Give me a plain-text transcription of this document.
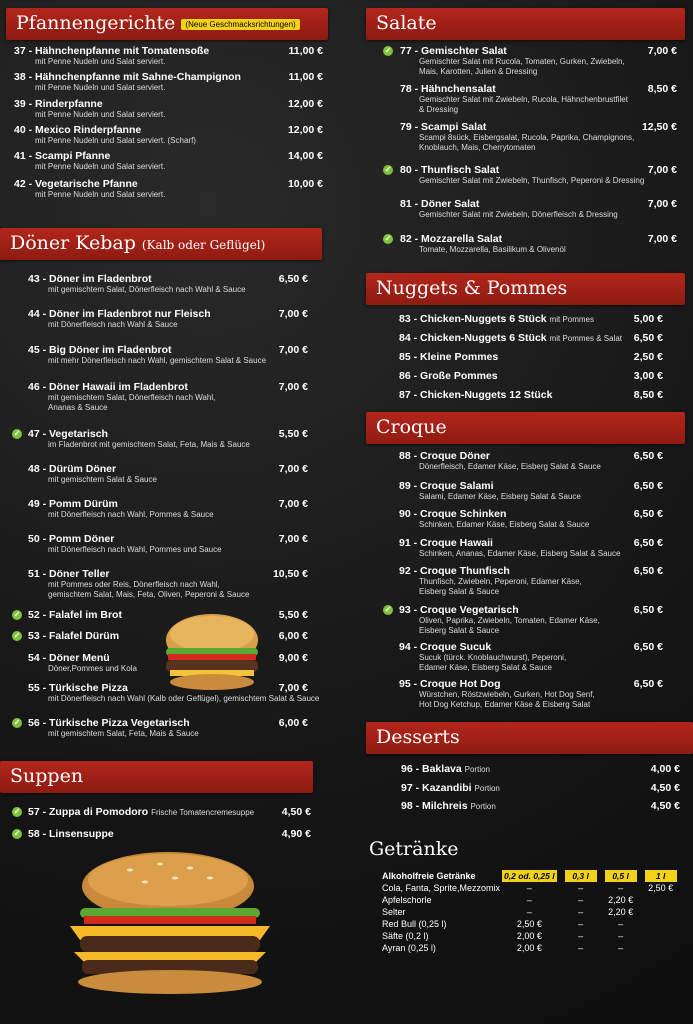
Pfannengerichte (Neue Geschmacksrichtungen)
37 - Hähnchenpfanne mit Tomatensoße
mit Penne Nudeln und Salat serviert.
11,00 €
38 - Hähnchenpfanne mit Sahne-Champignon
mit Penne Nudeln und Salat serviert.
11,00 €
39 - Rinderpfanne
mit Penne Nudeln und Salat serviert.
12,00 €
40 - Mexico Rinderpfanne
mit Penne Nudeln und Salat serviert. (Scharf)
12,00 €
41 - Scampi Pfanne
mit Penne Nudeln und Salat serviert.
14,00 €
42 - Vegetarische Pfanne
mit Penne Nudeln und Salat serviert.
10,00 €
Döner Kebap (Kalb oder Geflügel)
43 - Döner im Fladenbrot
mit gemischtem Salat, Dönerfleisch nach Wahl & Sauce
6,50 €
44 - Döner im Fladenbrot nur Fleisch
mit Dönerfleisch nach Wahl & Sauce
7,00 €
45 - Big Döner im Fladenbrot
mit mehr Dönerfleisch nach Wahl, gemischtem Salat & Sauce
7,00 €
46 - Döner Hawaii im Fladenbrot
mit gemischtem Salat, Dönerfleisch nach Wahl,
Ananas & Sauce
7,00 €
47 - Vegetarisch
im Fladenbrot mit gemischtem Salat, Feta, Mais & Sauce
5,50 €
✓
48 - Dürüm Döner
mit gemischtem Salat & Sauce
7,00 €
49 - Pomm Dürüm
mit Dönerfleisch nach Wahl, Pommes & Sauce
7,00 €
50 - Pomm Döner
mit Dönerfleisch nach Wahl, Pommes und Sauce
7,00 €
51 - Döner Teller
mit Pommes oder Reis, Dönerfleisch nach Wahl,
gemischtem Salat, Mais, Feta, Oliven, Peperoni & Sauce
10,50 €
52 - Falafel im Brot	5,50 €
✓
53 - Falafel Dürüm	6,00 €
✓
54 - Döner Menü
Döner,Pommes und Kola
9,00 €
55 - Türkische Pizza
mit Dönerfleisch nach Wahl (Kalb oder Geflügel), gemischtem Salat & Sauce
7,00 €
56 - Türkische Pizza Vegetarisch
mit gemischtem Salat, Feta, Mais & Sauce
6,00 €
✓
Suppen
57 - Zuppa di Pomodoro Frische Tomatencremesuppe	4,50 €
✓
58 - Linsensuppe	4,90 €
✓
Salate
77 - Gemischter Salat
Gemischter Salat mit Rucola, Tomaten, Gurken, Zwiebeln,
Mais, Karotten, Julien & Dressing
7,00 €
✓
78 - Hähnchensalat
Gemischter Salat mit Zwiebeln, Rucola, Hähnchenbrustfilet
& Dressing
8,50 €
79 - Scampi Salat
Scampi 8sück, Eisbergsalat, Rucola, Paprika, Champignons,
Knoblauch, Mais, Cherrytomaten
12,50 €
80 - Thunfisch Salat
Gemischter Salat mit Zwiebeln, Thunfisch, Peperoni & Dressing
7,00 €
✓
81 - Döner Salat
Gemischter Salat mit Zwiebeln, Dönerfleisch & Dressing
7,00 €
82 - Mozzarella Salat
Tomate, Mozzarella, Basilikum & Olivenöl
7,00 €
✓
Nuggets & Pommes
83 - Chicken-Nuggets 6 Stück mit Pommes	5,00 €
84 - Chicken-Nuggets 6 Stück mit Pommes & Salat	6,50 €
85 - Kleine Pommes	2,50 €
86 - Große Pommes	3,00 €
87 - Chicken-Nuggets 12 Stück	8,50 €
Croque
88 - Croque Döner
Dönerfleisch, Edamer Käse, Eisberg Salat & Sauce
6,50 €
89 - Croque Salami
Salami, Edamer Käse, Eisberg Salat & Sauce
6,50 €
90 - Croque Schinken
Schinken, Edamer Käse, Eisberg Salat & Sauce
6,50 €
91 - Croque Hawaii
Schinken, Ananas, Edamer Käse, Eisberg Salat & Sauce
6,50 €
92 - Croque Thunfisch
Thunfisch, Zwiebeln, Peperoni, Edamer Käse,
Eisberg Salat & Sauce
6,50 €
93 - Croque Vegetarisch
Oliven, Paprika, Zwiebeln, Tomaten, Edamer Käse,
Eisberg Salat & Sauce
6,50 €
✓
94 - Croque Sucuk
Sucuk (türck. Knoblauchwurst), Peperoni,
Edamer Käse, Eisberg Salat & Sauce
6,50 €
95 - Croque Hot Dog
Würstchen, Röstzwiebeln, Gurken, Hot Dog Senf,
Hot Dog Ketchup, Edamer Käse & Eisberg Salat
6,50 €
Desserts
96 - Baklava Portion	4,00 €
97 - Kazandibi Portion	4,50 €
98 - Milchreis Portion	4,50 €
Getränke
Alkoholfreie Getränke	0,2 od. 0,25 l		0,3 l		0,5 l		1 l
Cola, Fanta, Sprite,Mezzomix	–		–		–		2,50 €
Apfelschorle	–		–		2,20 €		
Selter	–		–		2,20 €		
Red Bull (0,25 l)	2,50 €		–		–		
Säfte (0,2 l)	2,00 €		–		–		
Ayran (0,25 l)	2,00 €		–		–		
